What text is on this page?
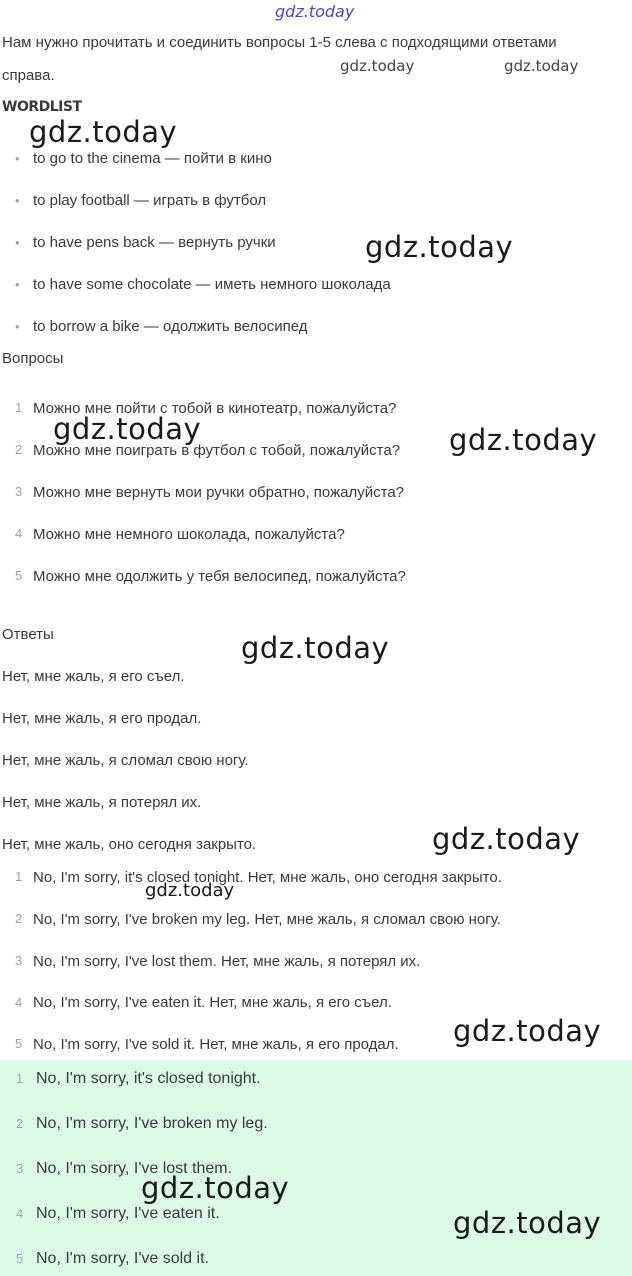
gdz.today
Нам нужно прочитать и соединить вопросы 1-5 слева с подходящими ответами
справа.
WORDLIST
• to go to the cinema — пойти в кино
• to play football — играть в футбол
• to have pens back — вернуть ручки
• to have some chocolate — иметь немного шоколада
• to borrow a bike — одолжить велосипед
Вопросы
1 Можно мне пойти с тобой в кинотеатр, пожалуйста?
2 Можно мне поиграть в футбол с тобой, пожалуйста?
3 Можно мне вернуть мои ручки обратно, пожалуйста?
4 Можно мне немного шоколада, пожалуйста?
5 Можно мне одолжить у тебя велосипед, пожалуйста?
Ответы
Нет, мне жаль, я его съел.
Нет, мне жаль, я его продал.
Нет, мне жаль, я сломал свою ногу.
Нет, мне жаль, я потерял их.
Нет, мне жаль, оно сегодня закрыто.
1 No, I'm sorry, it's closed tonight. Нет, мне жаль, оно сегодня закрыто.
2 No, I'm sorry, I've broken my leg. Нет, мне жаль, я сломал свою ногу.
3 No, I'm sorry, I've lost them. Нет, мне жаль, я потерял их.
4 No, I'm sorry, I've eaten it. Нет, мне жаль, я его съел.
5 No, I'm sorry, I've sold it. Нет, мне жаль, я его продал.
1 No, I'm sorry, it's closed tonight.
2 No, I'm sorry, I've broken my leg.
3 No, I'm sorry, I've lost them.
4 No, I'm sorry, I've eaten it.
5 No, I'm sorry, I've sold it.
gdz.today	gdz.today
gdz.today
gdz.today
gdz.today	gdz.today
gdz.today
gdz.today
gdz.today
gdz.today
gdz.today
gdz.today
